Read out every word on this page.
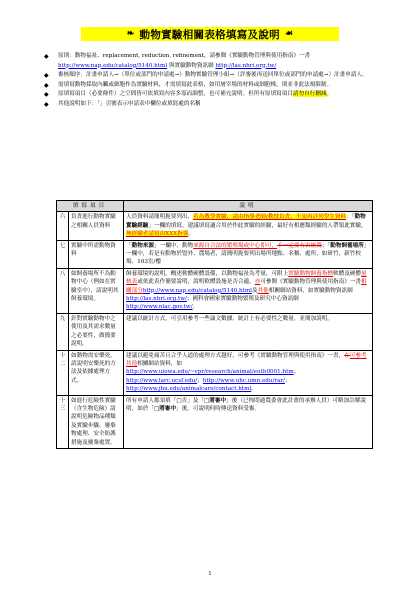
❧ 動物實驗相關表格填寫及說明 ☙
◆ 原則：動物福祉、replacement, reduction, refinement，請參閱《實驗動物管理與使用指南》一書 http://www.nap.edu/catalog/5140.html 與實驗動物資訊網 http://las.nhri.org.tw/
◆ 審核順序：計畫申請人→（單位或部門的申請處→）動物實驗管理小組→（評審後再送回單位或部門的申請處→）計畫申請人。
◆ 需填寫動物採取內臟或細胞作為實驗材料，才需填寫此表格，如用屠宰場的材料或細胞株，則並非此法規限制。
◆ 原填寫項目（必要條件）之空間皆可依填寫內容多寡而調整，也可補充說明。但所有原填寫項目請勿自行刪減。
◆ 其他說明如下：「」引號表示申請表中欄位或填寫處的名稱
填寫項目		說明
六	負責進行動物實驗之相關人員資料	人員資料請簡明扼要列出，若為教學實驗，請由指導老師/教授負責，不須再詳列學生資料：「動物實驗經驗」一欄的填寫，建議填寫適合用於作此實驗的經驗，最好有相應類經驗的人帶領此實驗，無經驗者請寫由XXX指導。
七	實驗中所需動物資料	「動物來源」一欄中，動物來源自合法的繁殖場或中心即可，不一定要有由統籌；「動物飼養場所」一欄中，若是有動物於豎外、農場者，請簡明扼要列出場所地點、名稱、處所，如研竹、新竹校場、103室/樓
八	如飼養場所不為動物中心（例如在實驗室中），請說明其飼養環境。	飼養環境的說明，概述軟體硬體設備，以動物福祉為考量，可附上實驗動物飼養指標軟體及硬體量核表或依此表作簡要說明，說明軟體設施是否合適，亦可參閱《實驗動物管理與使用指南》一書相關部分http://www.nap.edu/catalog/5140.html及其他相關網站資料，如實驗動物資訊網http://las.nhri.org.tw/；國科會國家實驗動物繁殖及研究中心資訊網http://www.nlac.gov.tw/。
九	針對實驗動物中之使用及其需求數量之必要性，做簡要說明。	建議以統計方式，可引用參考一些論文數據，統計上有必要性之數量，並簡加說明。
十二	如動物需安樂死，請說明安樂死的方法及依據處理方式。	建議以避免痛苦且合乎人道的處理方式越好，可參考《實驗動物管理與使用指南》一書，在可參考其他相關網站資料，如
http://www.uiowa.edu/~vpr/research/animal/euth0001.htm；
http://www.larc.ucsf.edu/；http://www.uhc.umn.edu/rar/；
http://www.jhu.edu/animalcare/contact.html。
十三	如進行危險性實驗（含生物危險）請說明危險物品種類及實驗步驟、廢棄物處理、安全防護措施及廢棄處置。	所有申請人都須填「□否」及「□將審中」後（已徇問過農委會此計畫的承辦人員）可略加註解說明，如於「□將審中」後，可說明何時傳送資料受審。
1
